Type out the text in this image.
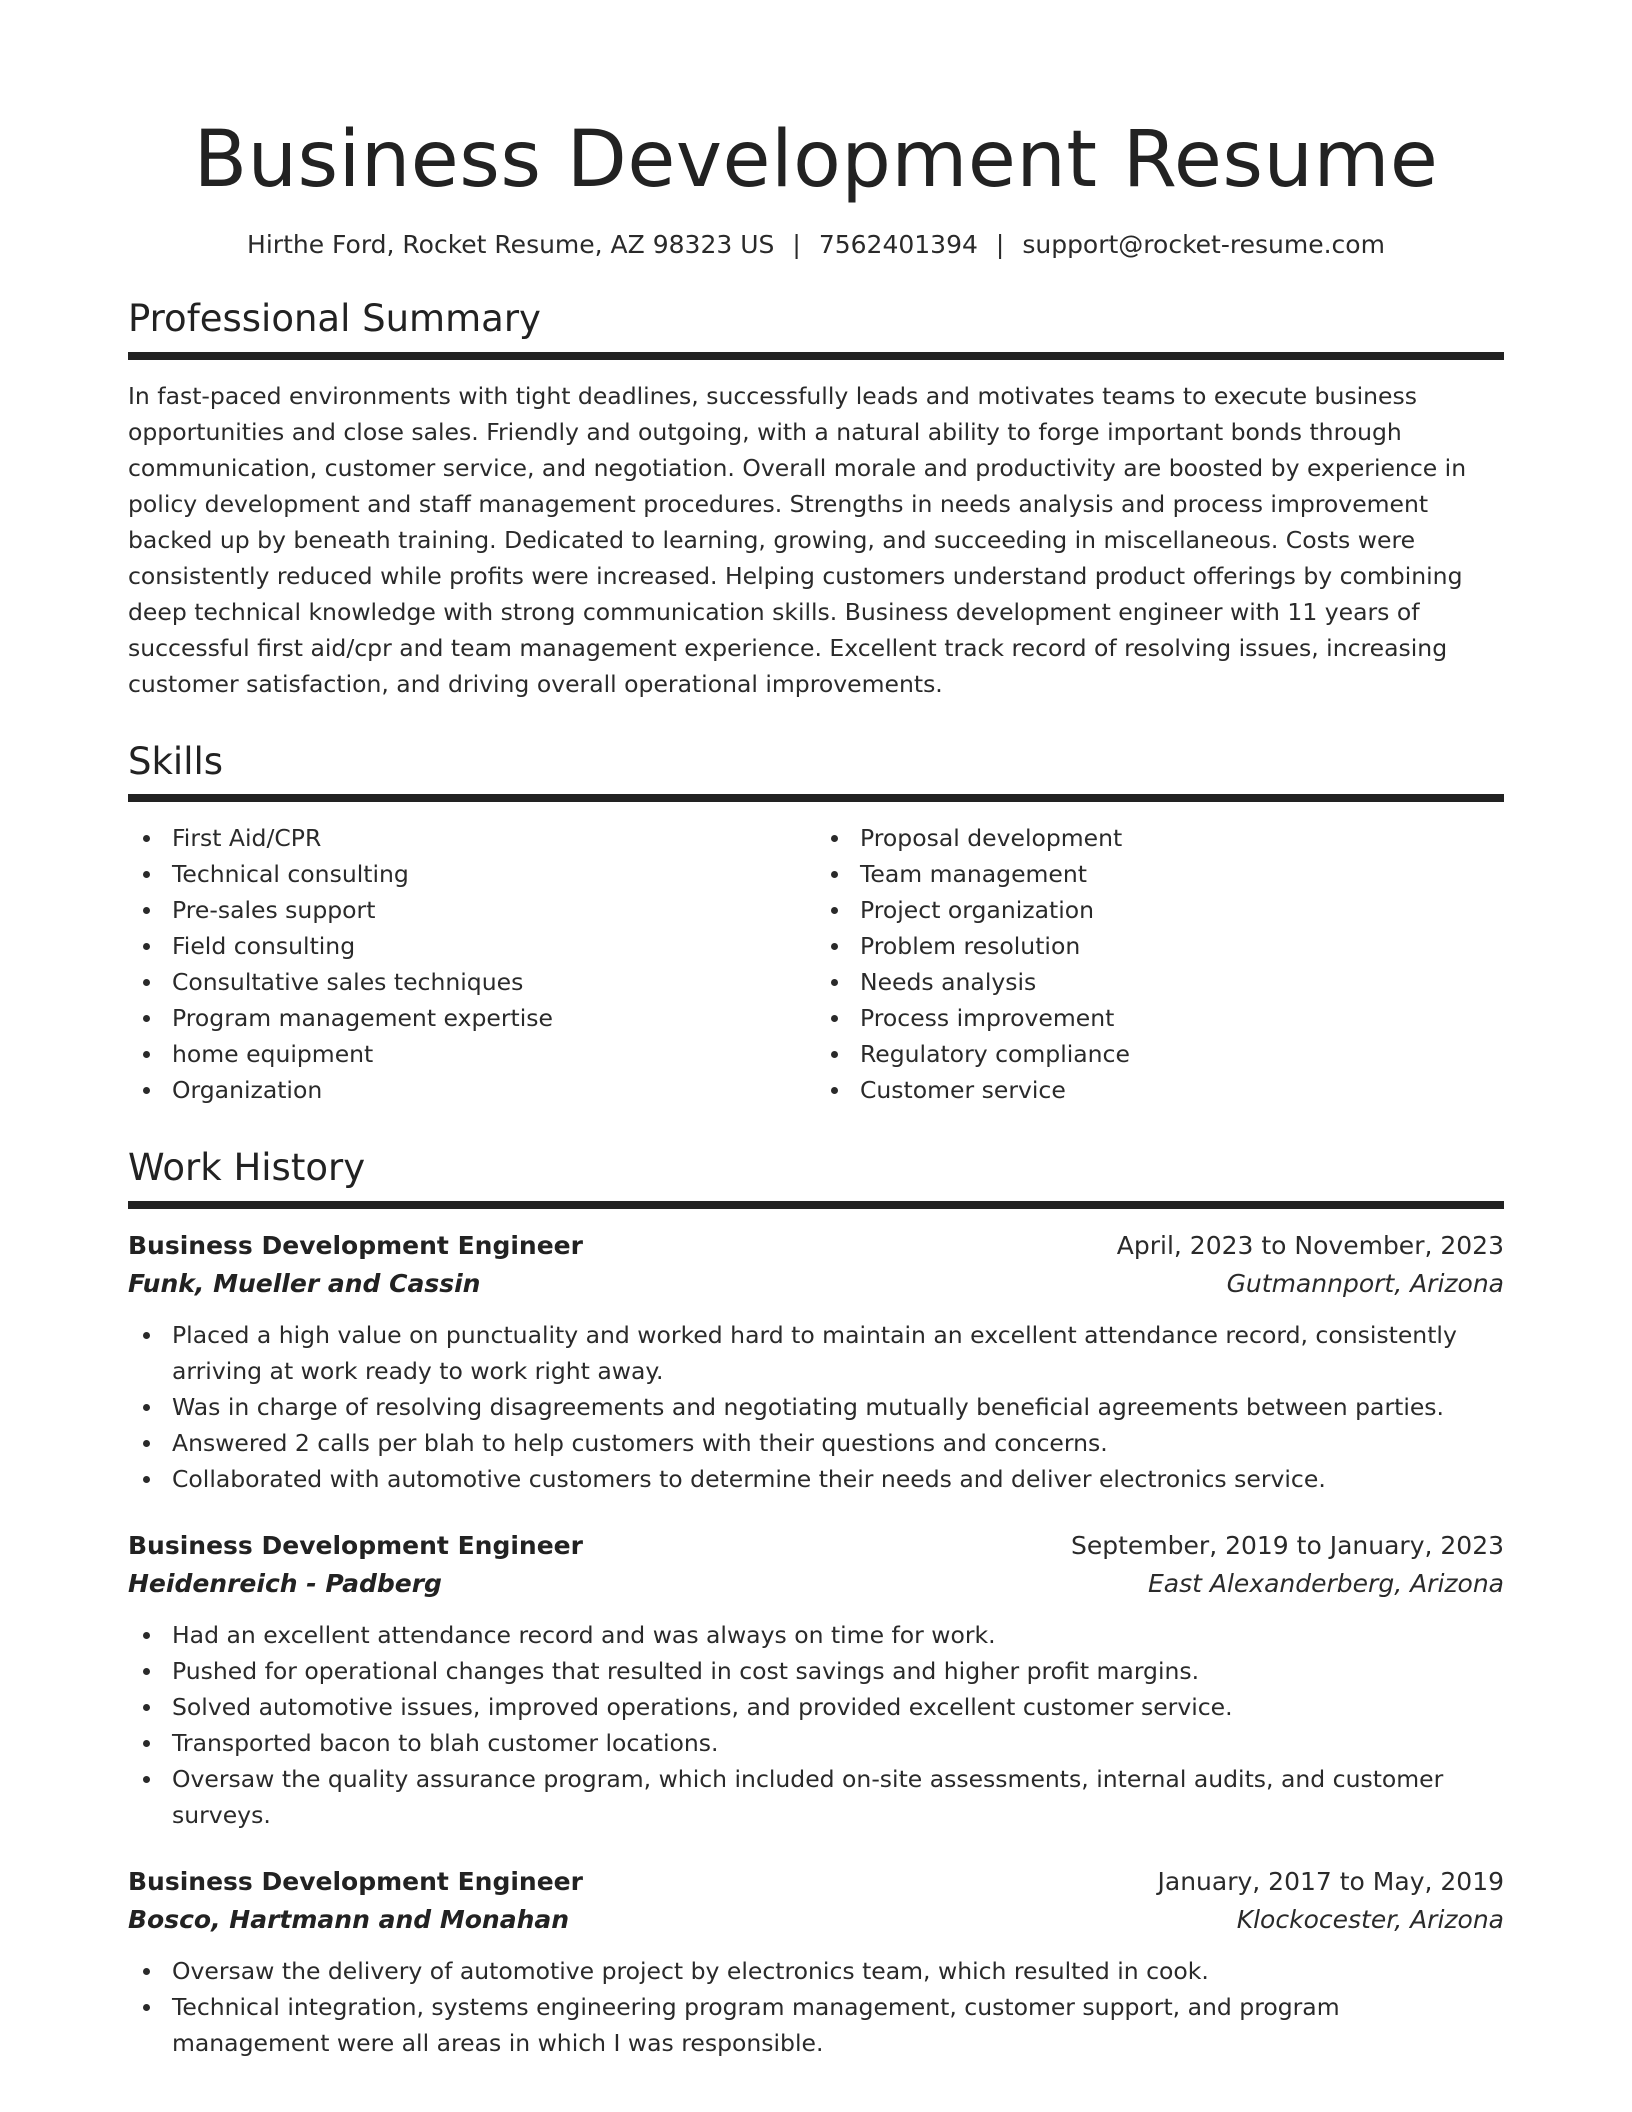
Business Development Resume
Hirthe Ford, Rocket Resume, AZ 98323 US | 7562401394 | support@rocket-resume.com
Professional Summary

In fast-paced environments with tight deadlines, successfully leads and motivates teams to execute business opportunities and close sales. Friendly and outgoing, with a natural ability to forge important bonds through communication, customer service, and negotiation. Overall morale and productivity are boosted by experience in policy development and staff management procedures. Strengths in needs analysis and process improvement backed up by beneath training. Dedicated to learning, growing, and succeeding in miscellaneous. Costs were consistently reduced while profits were increased. Helping customers understand product offerings by combining deep technical knowledge with strong communication skills. Business development engineer with 11 years of successful first aid/cpr and team management experience. Excellent track record of resolving issues, increasing customer satisfaction, and driving overall operational improvements.

Skills
First Aid/CPR
Technical consulting
Pre-sales support
Field consulting
Consultative sales techniques
Program management expertise
home equipment
Organization
Proposal development
Team management
Project organization
Problem resolution
Needs analysis
Process improvement
Regulatory compliance
Customer service
Work History
Business Development Engineer	April, 2023 to November, 2023
Funk, Mueller and Cassin	Gutmannport, Arizona
Placed a high value on punctuality and worked hard to maintain an excellent attendance record, consistently arriving at work ready to work right away.
Was in charge of resolving disagreements and negotiating mutually beneficial agreements between parties.
Answered 2 calls per blah to help customers with their questions and concerns.
Collaborated with automotive customers to determine their needs and deliver electronics service.
Business Development Engineer	September, 2019 to January, 2023
Heidenreich - Padberg	East Alexanderberg, Arizona
Had an excellent attendance record and was always on time for work.
Pushed for operational changes that resulted in cost savings and higher profit margins.
Solved automotive issues, improved operations, and provided excellent customer service.
Transported bacon to blah customer locations.
Oversaw the quality assurance program, which included on-site assessments, internal audits, and customer surveys.
Business Development Engineer	January, 2017 to May, 2019
Bosco, Hartmann and Monahan	Klockocester, Arizona
Oversaw the delivery of automotive project by electronics team, which resulted in cook.
Technical integration, systems engineering program management, customer support, and program management were all areas in which I was responsible.
